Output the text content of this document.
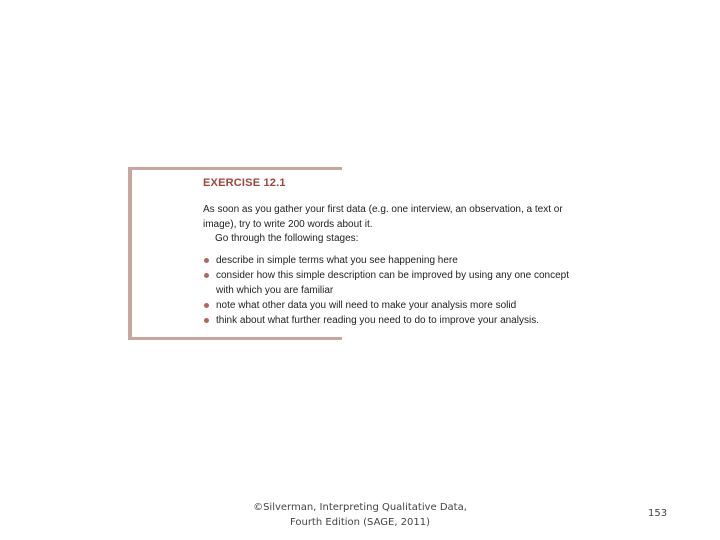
EXERCISE 12.1
As soon as you gather your first data (e.g. one interview, an observation, a text or image), try to write 200 words about it.
Go through the following stages:
describe in simple terms what you see happening here
consider how this simple description can be improved by using any one concept with which you are familiar
note what other data you will need to make your analysis more solid
think about what further reading you need to do to improve your analysis.
©Silverman, Interpreting Qualitative Data,
Fourth Edition (SAGE, 2011)
153
